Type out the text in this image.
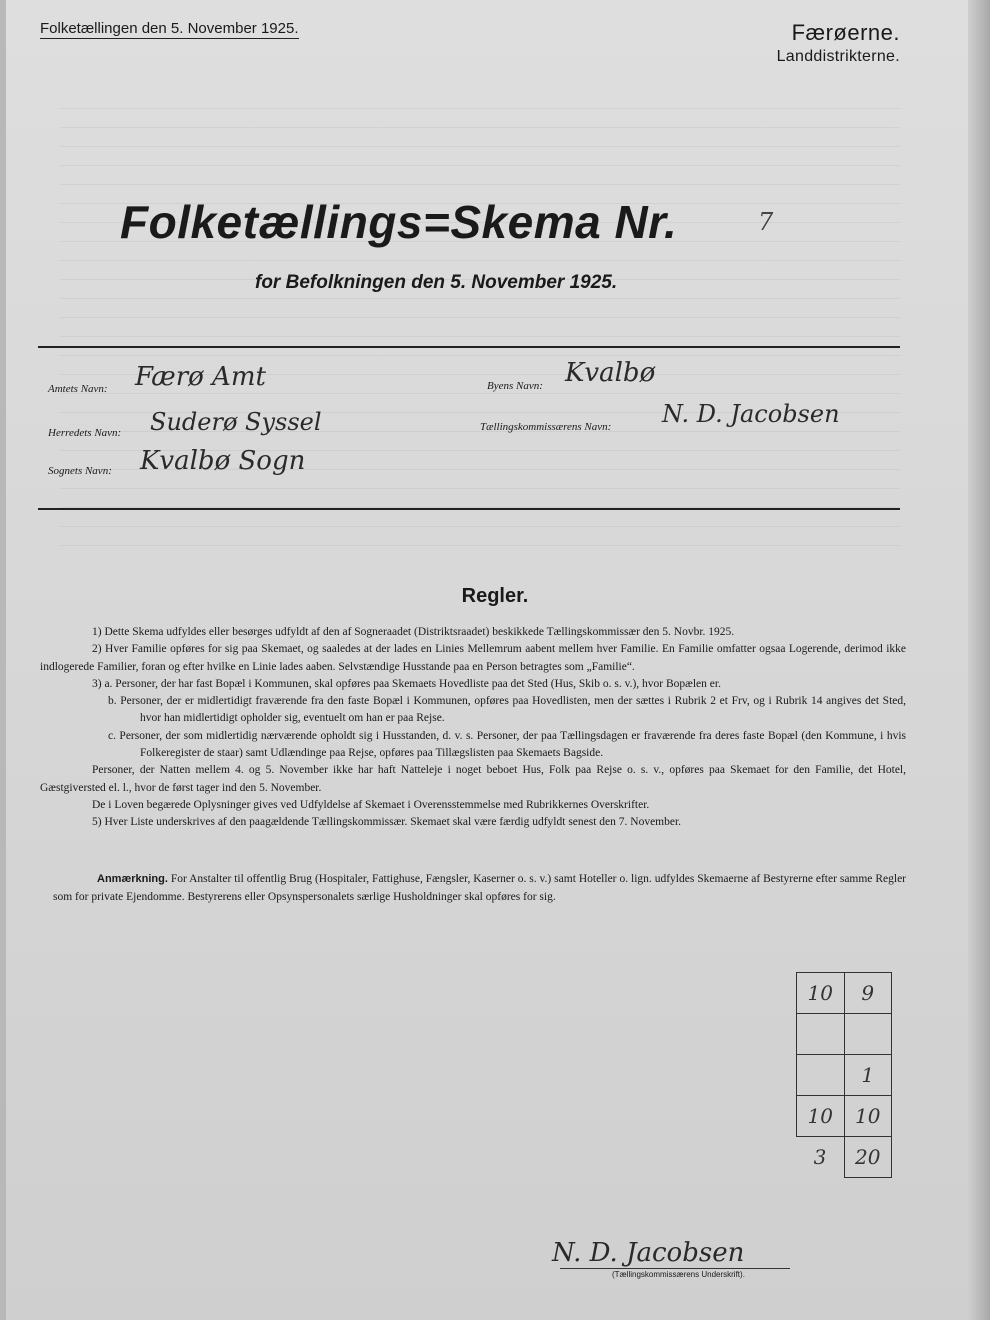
Folketællingen den 5. November 1925.	Færøerne.
Landdistrikterne.
Folketællings=Skema Nr.	7
for Befolkningen den 5. November 1925.
Amtets Navn: Færø Amt
Herredets Navn: Suderø Syssel
Sognets Navn: Kvalbø Sogn
Byens Navn: Kvalbø
Tællingskommissærens Navn: N. D. Jacobsen
Regler.

1) Dette Skema udfyldes eller besørges udfyldt af den af Sogneraadet (Distriktsraadet) beskikkede Tællingskommissær den 5. Novbr. 1925.

2) Hver Familie opføres for sig paa Skemaet, og saaledes at der lades en Linies Mellemrum aabent mellem hver Familie. En Familie omfatter ogsaa Logerende, derimod ikke indlogerede Familier, foran og efter hvilke en Linie lades aaben. Selvstændige Husstande paa en Person betragtes som „Familie“.

3) a. Personer, der har fast Bopæl i Kommunen, skal opføres paa Skemaets Hovedliste paa det Sted (Hus, Skib o. s. v.), hvor Bopælen er.

b. Personer, der er midlertidigt fraværende fra den faste Bopæl i Kommunen, opføres paa Hovedlisten, men der sættes i Rubrik 2 et Frv, og i Rubrik 14 angives det Sted, hvor han midlertidigt opholder sig, eventuelt om han er paa Rejse.

c. Personer, der som midlertidig nærværende opholdt sig i Husstanden, d. v. s. Personer, der paa Tællingsdagen er fraværende fra deres faste Bopæl (den Kommune, i hvis Folkeregister de staar) samt Udlændinge paa Rejse, opføres paa Tillægslisten paa Skemaets Bagside.

Personer, der Natten mellem 4. og 5. November ikke har haft Natteleje i noget beboet Hus, Folk paa Rejse o. s. v., opføres paa Skemaet for den Familie, det Hotel, Gæstgiversted el. l., hvor de først tager ind den 5. November.

De i Loven begærede Oplysninger gives ved Udfyldelse af Skemaet i Overensstemmelse med Rubrikkernes Overskrifter.

5) Hver Liste underskrives af den paagældende Tællingskommissær. Skemaet skal være færdig udfyldt senest den 7. November.

Anmærkning. For Anstalter til offentlig Brug (Hospitaler, Fattighuse, Fængsler, Kaserner o. s. v.) samt Hoteller o. lign. udfyldes Skemaerne af Bestyrerne efter samme Regler som for private Ejendomme. Bestyrerens eller Opsynspersonalets særlige Husholdninger skal opføres for sig.
10	9

	1
10	10
3	20
N. D. Jacobsen
(Tællingskommissærens Underskrift).
